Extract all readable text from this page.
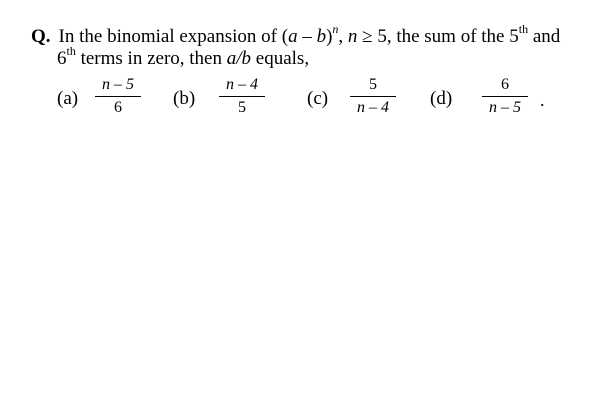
Q. In the binomial expansion of (a – b)$^n$, n ≥ 5, the sum of the 5th and
6th terms in zero, then a/b equals,
(a)
n – 5
6	(b)
n – 4
5	(c)
5
n – 4	(d)
6
n – 5	.
